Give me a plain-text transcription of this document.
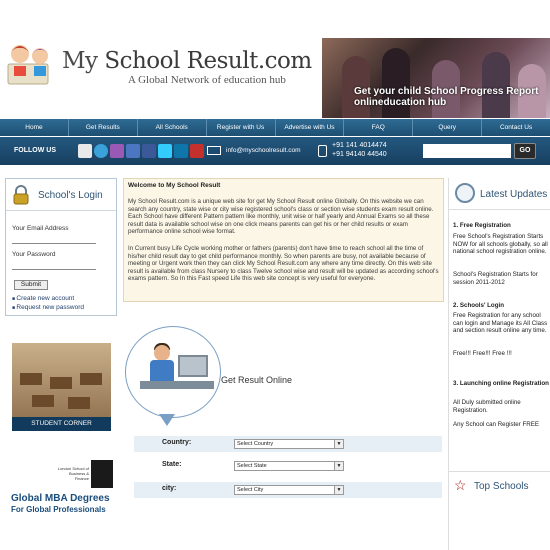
My School Result.com
A Global Network of education hub
Get your child School Progress Report onlineducation hub
Home	Get Results	All Schools	Register with Us	Advertise with Us	FAQ	Query	Contact Us
FOLLOW US	info@myschoolresult.com
+91 141 4014474
+91 94140 44540
GO
School's Login
Your Email Address
Your Password
Submit
■ Create new account
■ Request new password
STUDENT CORNER
London School of Business & Finance
Global MBA Degrees
For Global Professionals
Welcome to My School Result

My School Result.com is a unique web site for get My School Result online Globally. On this website we can search any country, state wise or city wise registered school's class or section wise students exam result online. Each School have different Pattern pattern like monthly, unit wise or half yearly and Annual Exams so all these result data is available school wise on one click means parents can get his or her child results or exam performance online school wise format.

In Current busy Life Cycle working mother or fathers (parents) don't have time to reach school all the time of his/her child result day to get child performance monthly. So when parents are busy, not available because of meeting or Urgent work then they can click My School Result.com any where any time directly. On this web site result is available from class Nursery to class Twelve school wise and result will be updated as according school's exams pattern. So In this Fast speed Life this web site concept is very useful for everyone.

Get Result Online
Country:	Select Country	▼
State:	Select State	▼
city:	Select City	▼
Latest Updates
1. Free Registration
Free School's Registration Starts NOW for all schools globally, so all national school registration online.
School's Registration Starts for session 2011-2012
2. Schools' Login
Free Registration for any school can login and Manage its All Class and section result online any time.
Free!!! Free!!! Free !!!
3. Launching online Registration
All Duly submitted online Registration.
Any School can Register FREE
☆ Top Schools
